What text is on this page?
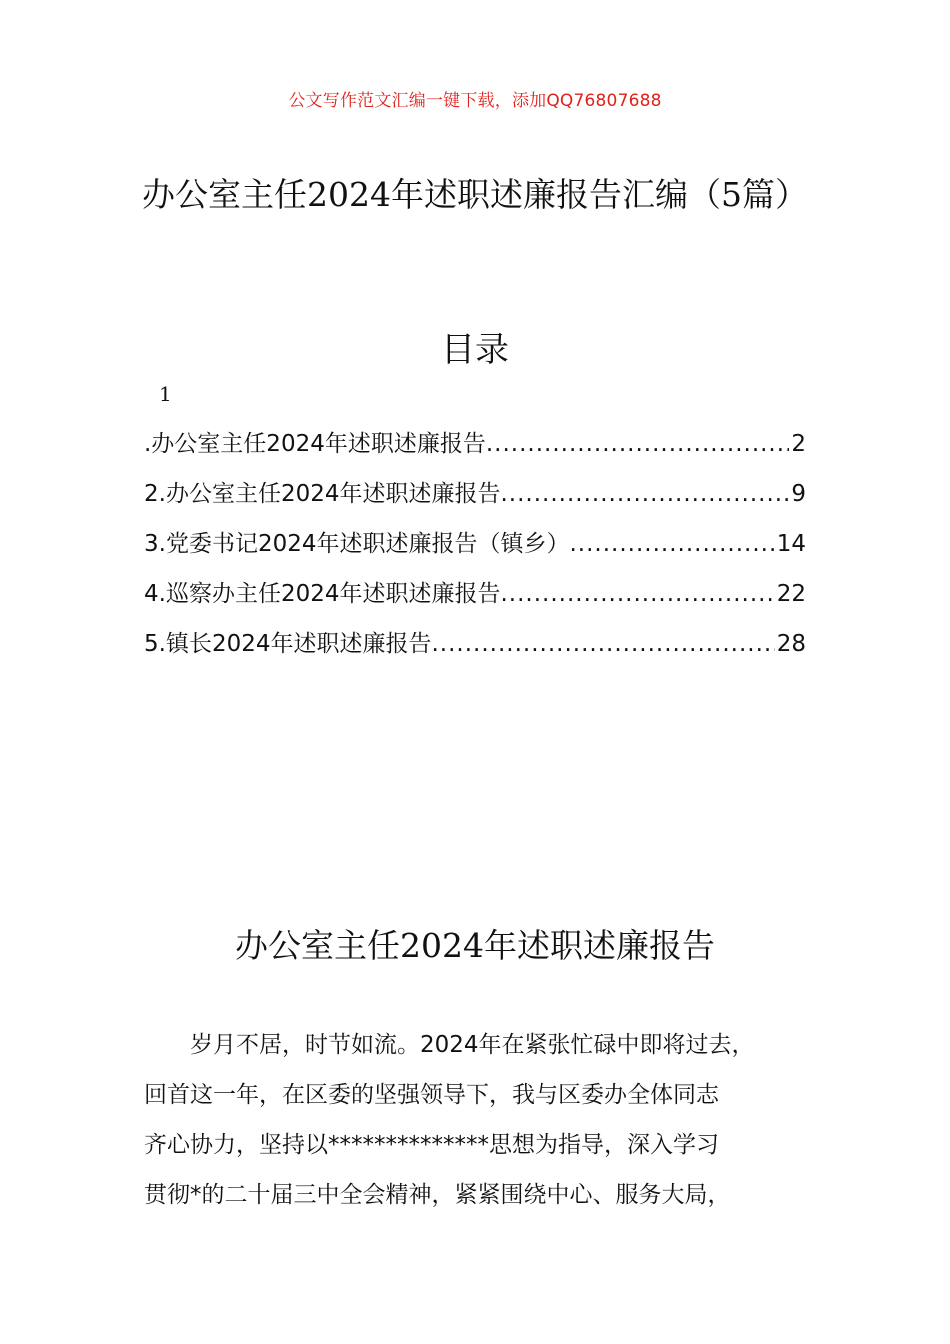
公文写作范文汇编一键下载，添加QQ76807688
办公室主任2024年述职述廉报告汇编（5篇）
目录
1
.办公室主任2024年述职述廉报告 .....	2
2.办公室主任2024年述职述廉报告 .....	9
3.党委书记2024年述职述廉报告（镇乡） .....	14
4.巡察办主任2024年述职述廉报告 .....	22
5.镇长2024年述职述廉报告 .....	28
办公室主任2024年述职述廉报告

岁月不居，时节如流。2024年在紧张忙碌中即将过去，
回首这一年，在区委的坚强领导下，我与区委办全体同志
齐心协力，坚持以**************思想为指导，深入学习
贯彻*的二十届三中全会精神，紧紧围绕中心、服务大局，
